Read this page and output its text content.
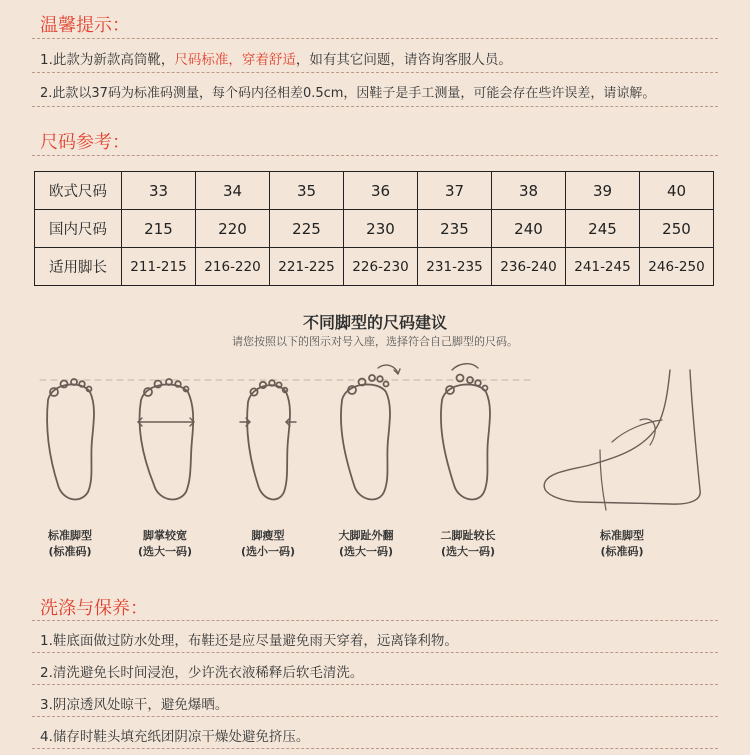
温馨提示：
1.此款为新款高筒靴，尺码标准，穿着舒适，如有其它问题，请咨询客服人员。
2.此款以37码为标准码测量，每个码内径相差0.5cm，因鞋子是手工测量，可能会存在些许误差，请谅解。
尺码参考：
欧式尺码	33	34	35	36	37	38	39	40
国内尺码	215	220	225	230	235	240	245	250
适用脚长	211-215	216-220	221-225	226-230	231-235	236-240	241-245	246-250
不同脚型的尺码建议
请您按照以下的图示对号入座，选择符合自己脚型的尺码。
标准脚型
(标准码)
脚掌较宽
(选大一码)
脚瘦型
(选小一码)
大脚趾外翻
(选大一码)
二脚趾较长
(选大一码)
标准脚型
(标准码)
洗涤与保养：
1.鞋底面做过防水处理，布鞋还是应尽量避免雨天穿着，远离锋利物。
2.清洗避免长时间浸泡，少许洗衣液稀释后软毛清洗。
3.阴凉透风处晾干，避免爆晒。
4.储存时鞋头填充纸团阴凉干燥处避免挤压。
